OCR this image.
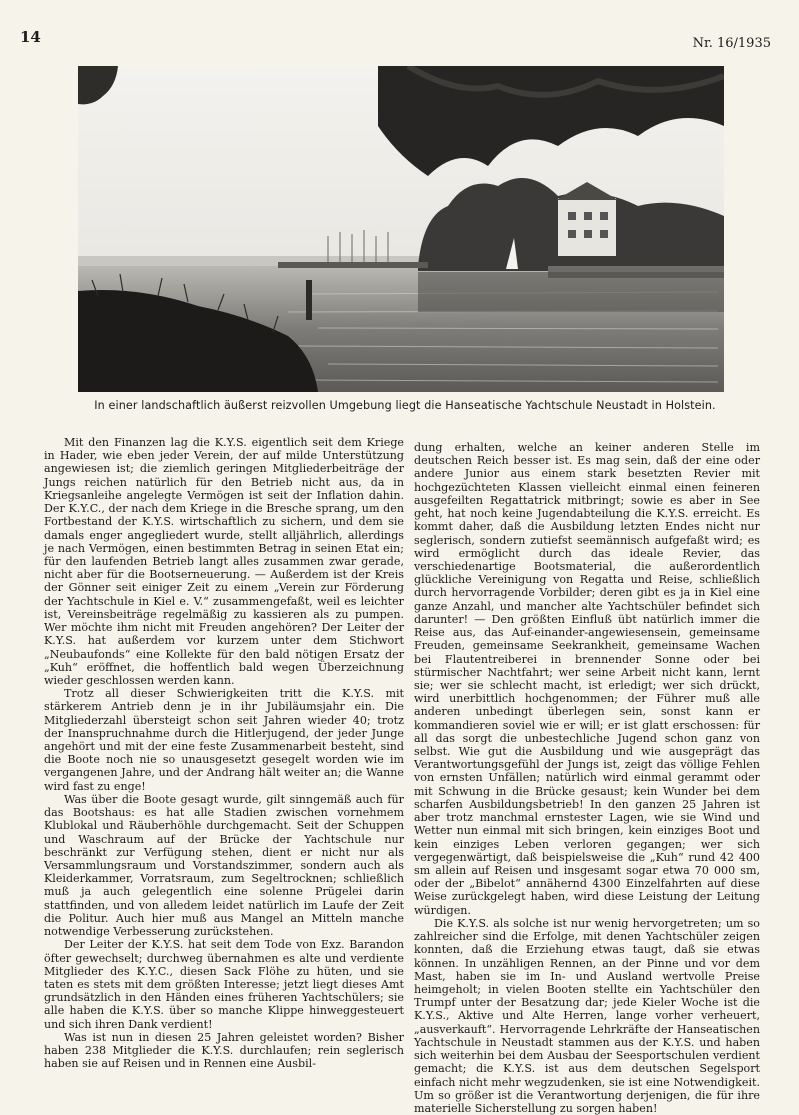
14	Nr. 16/1935
In einer landschaftlich äußerst reizvollen Umgebung liegt die Hanseatische Yachtschule Neustadt in Holstein.

Mit den Finanzen lag die K.Y.S. eigentlich seit dem Kriege in Hader, wie eben jeder Verein, der auf milde Unterstützung angewiesen ist; die ziemlich geringen Mitgliederbeiträge der Jungs reichen natürlich für den Betrieb nicht aus, da in Kriegsanleihe angelegte Vermögen ist seit der Inflation dahin. Der K.Y.C., der nach dem Kriege in die Bresche sprang, um den Fortbestand der K.Y.S. wirtschaftlich zu sichern, und dem sie damals enger angegliedert wurde, stellt alljährlich, allerdings je nach Vermögen, einen bestimmten Betrag in seinen Etat ein; für den laufenden Betrieb langt alles zusammen zwar gerade, nicht aber für die Bootserneuerung. — Außerdem ist der Kreis der Gönner seit einiger Zeit zu einem „Verein zur Förderung der Yachtschule in Kiel e. V.“ zusammengefaßt, weil es leichter ist, Vereinsbeiträge regelmäßig zu kassieren als zu pumpen. Wer möchte ihm nicht mit Freuden angehören? Der Leiter der K.Y.S. hat außerdem vor kurzem unter dem Stichwort „Neubaufonds“ eine Kollekte für den bald nötigen Ersatz der „Kuh“ eröffnet, die hoffentlich bald wegen Überzeichnung wieder geschlossen werden kann.

Trotz all dieser Schwierigkeiten tritt die K.Y.S. mit stärkerem Antrieb denn je in ihr Jubiläumsjahr ein. Die Mitgliederzahl übersteigt schon seit Jahren wieder 40; trotz der Inanspruchnahme durch die Hitlerjugend, der jeder Junge angehört und mit der eine feste Zusammenarbeit besteht, sind die Boote noch nie so unausgesetzt gesegelt worden wie im vergangenen Jahre, und der Andrang hält weiter an; die Wanne wird fast zu enge!

Was über die Boote gesagt wurde, gilt sinngemäß auch für das Bootshaus: es hat alle Stadien zwischen vornehmem Klublokal und Räuberhöhle durchgemacht. Seit der Schuppen und Waschraum auf der Brücke der Yachtschule nur beschränkt zur Verfügung stehen, dient er nicht nur als Versammlungsraum und Vorstandszimmer, sondern auch als Kleiderkammer, Vorratsraum, zum Segeltrocknen; schließlich muß ja auch gelegentlich eine solenne Prügelei darin stattfinden, und von alledem leidet natürlich im Laufe der Zeit die Politur. Auch hier muß aus Mangel an Mitteln manche notwendige Verbesserung zurückstehen.

Der Leiter der K.Y.S. hat seit dem Tode von Exz. Barandon öfter gewechselt; durchweg übernahmen es alte und verdiente Mitglieder des K.Y.C., diesen Sack Flöhe zu hüten, und sie taten es stets mit dem größten Interesse; jetzt liegt dieses Amt grundsätzlich in den Händen eines früheren Yachtschülers; sie alle haben die K.Y.S. über so manche Klippe hinweggesteuert und sich ihren Dank verdient!

Was ist nun in diesen 25 Jahren geleistet worden? Bisher haben 238 Mitglieder die K.Y.S. durchlaufen; rein seglerisch haben sie auf Reisen und in Rennen eine Ausbil-

dung erhalten, welche an keiner anderen Stelle im deutschen Reich besser ist. Es mag sein, daß der eine oder andere Junior aus einem stark besetzten Revier mit hochgezüchteten Klassen vielleicht einmal einen feineren ausgefeilten Regattatrick mitbringt; sowie es aber in See geht, hat noch keine Jugendabteilung die K.Y.S. erreicht. Es kommt daher, daß die Ausbildung letzten Endes nicht nur seglerisch, sondern zutiefst seemännisch aufgefaßt wird; es wird ermöglicht durch das ideale Revier, das verschiedenartige Bootsmaterial, die außerordentlich glückliche Vereinigung von Regatta und Reise, schließlich durch hervorragende Vorbilder; deren gibt es ja in Kiel eine ganze Anzahl, und mancher alte Yachtschüler befindet sich darunter! — Den größten Einfluß übt natürlich immer die Reise aus, das Auf-einander-angewiesensein, gemeinsame Freuden, gemeinsame Seekrankheit, gemeinsame Wachen bei Flautentreiberei in brennender Sonne oder bei stürmischer Nachtfahrt; wer seine Arbeit nicht kann, lernt sie; wer sie schlecht macht, ist erledigt; wer sich drückt, wird unerbittlich hochgenommen; der Führer muß alle anderen unbedingt überlegen sein, sonst kann er kommandieren soviel wie er will; er ist glatt erschossen: für all das sorgt die unbestechliche Jugend schon ganz von selbst. Wie gut die Ausbildung und wie ausgeprägt das Verantwortungsgefühl der Jungs ist, zeigt das völlige Fehlen von ernsten Unfällen; natürlich wird einmal gerammt oder mit Schwung in die Brücke gesaust; kein Wunder bei dem scharfen Ausbildungsbetrieb! In den ganzen 25 Jahren ist aber trotz manchmal ernstester Lagen, wie sie Wind und Wetter nun einmal mit sich bringen, kein einziges Boot und kein einziges Leben verloren gegangen; wer sich vergegenwärtigt, daß beispielsweise die „Kuh“ rund 42 400 sm allein auf Reisen und insgesamt sogar etwa 70 000 sm, oder der „Bibelot“ annähernd 4300 Einzelfahrten auf diese Weise zurückgelegt haben, wird diese Leistung der Leitung würdigen.

Die K.Y.S. als solche ist nur wenig hervorgetreten; um so zahlreicher sind die Erfolge, mit denen Yachtschüler zeigen konnten, daß die Erziehung etwas taugt, daß sie etwas können. In unzähligen Rennen, an der Pinne und vor dem Mast, haben sie im In- und Ausland wertvolle Preise heimgeholt; in vielen Booten stellte ein Yachtschüler den Trumpf unter der Besatzung dar; jede Kieler Woche ist die K.Y.S., Aktive und Alte Herren, lange vorher verheuert, „ausverkauft“. Hervorragende Lehrkräfte der Hanseatischen Yachtschule in Neustadt stammen aus der K.Y.S. und haben sich weiterhin bei dem Ausbau der Seesportschulen verdient gemacht; die K.Y.S. ist aus dem deutschen Segelsport einfach nicht mehr wegzudenken, sie ist eine Notwendigkeit. Um so größer ist die Verantwortung derjenigen, die für ihre materielle Sicherstellung zu sorgen haben!
